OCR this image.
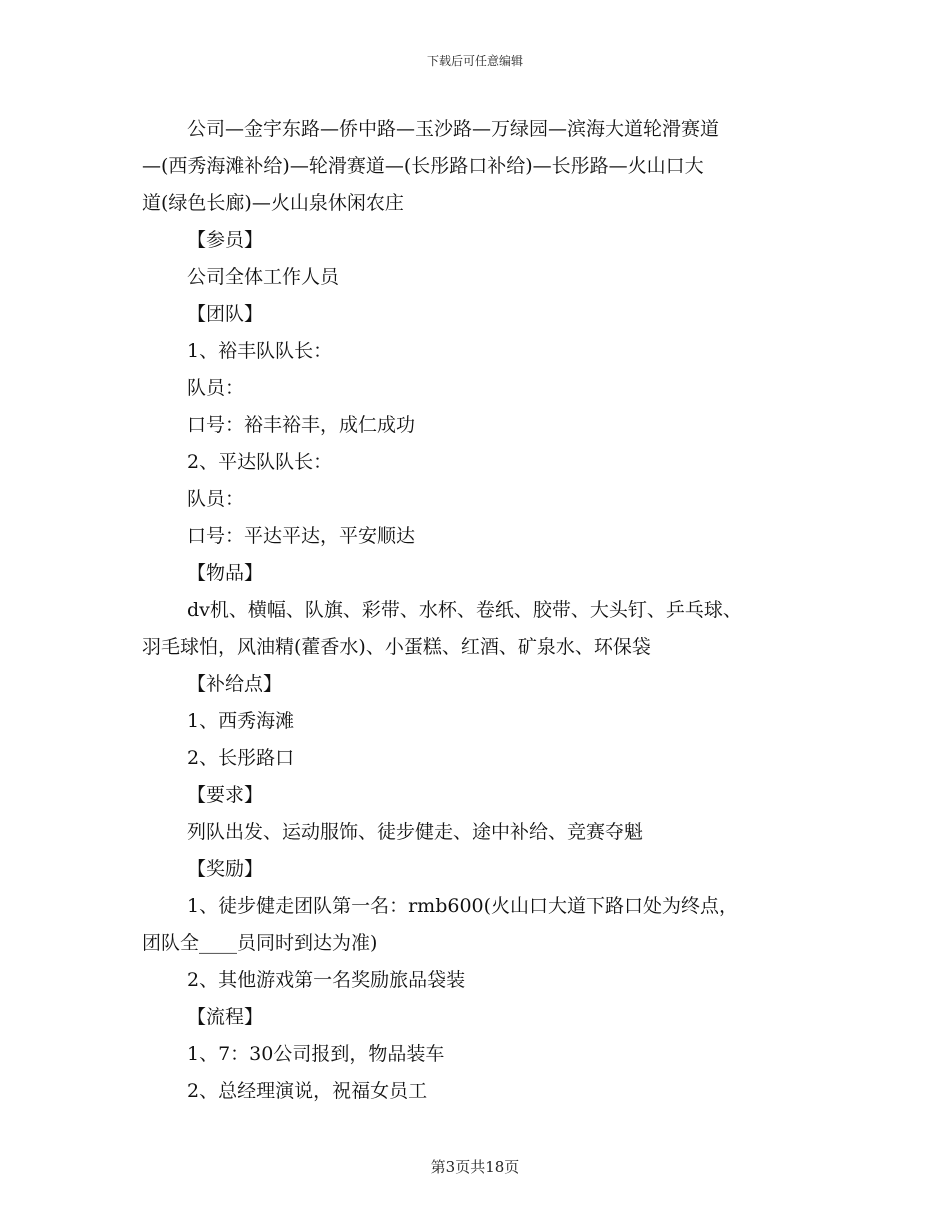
下载后可任意编辑

公司—金宇东路—侨中路—玉沙路—万绿园—滨海大道轮滑赛道

—(西秀海滩补给)—轮滑赛道—(长彤路口补给)—长彤路—火山口大

道(绿色长廊)—火山泉休闲农庄

【参员】

公司全体工作人员

【团队】

1、裕丰队队长：

队员：

口号：裕丰裕丰，成仁成功

2、平达队队长：

队员：

口号：平达平达，平安顺达

【物品】

dv机、横幅、队旗、彩带、水杯、卷纸、胶带、大头钉、乒乓球、

羽毛球怕，风油精(藿香水)、小蛋糕、红酒、矿泉水、环保袋

【补给点】

1、西秀海滩

2、长彤路口

【要求】

列队出发、运动服饰、徒步健走、途中补给、竞赛夺魁

【奖励】

1、徒步健走团队第一名：rmb600(火山口大道下路口处为终点，

团队全____员同时到达为准)

2、其他游戏第一名奖励旅品袋装

【流程】

1、7：30公司报到，物品装车

2、总经理演说，祝福女员工

第3页共18页
